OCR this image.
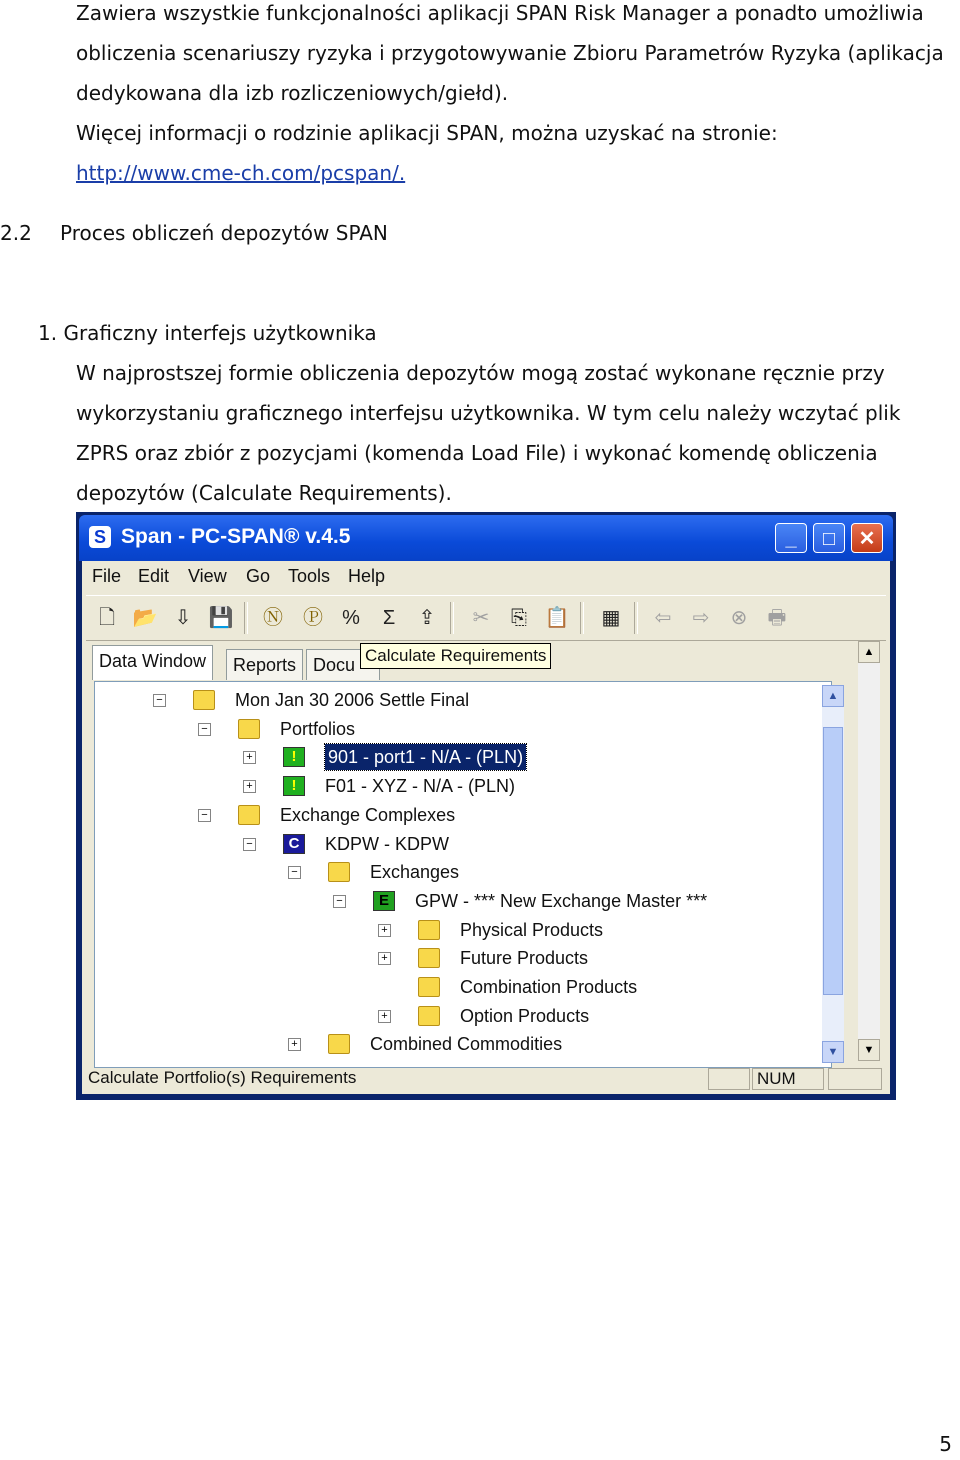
Zawiera wszystkie funkcjonalności aplikacji SPAN Risk Manager a ponadto umożliwia
obliczenia scenariuszy ryzyka i przygotowywanie Zbioru Parametrów Ryzyka (aplikacja
dedykowana dla izb rozliczeniowych/giełd).
Więcej informacji o rodzinie aplikacji SPAN, można uzyskać na stronie:
http://www.cme-ch.com/pcspan/.
2.2 Proces obliczeń depozytów SPAN
1. Graficzny interfejs użytkownika
W najprostszej formie obliczenia depozytów mogą zostać wykonane ręcznie przy
wykorzystaniu graficznego interfejsu użytkownika. W tym celu należy wczytać plik
ZPRS oraz zbiór z pozycjami (komenda Load File) i wykonać komendę obliczenia
depozytów (Calculate Requirements).
S Span - PC-SPAN® v.4.5	_	□	✕
File Edit View Go Tools Help
🗋 📂 ⇩ 💾 Ⓝ Ⓟ %	Σ	⇪	✂	⎘ 📋 ▦	⇦	⇨	⊗	🖶
Data Window	Reports Docu Calculate Requirements
−	Mon Jan 30 2006 Settle Final
−	Portfolios
+	!	901 - port1 - N/A - (PLN)
+	!	F01 - XYZ - N/A - (PLN)
−	Exchange Complexes
−	C	KDPW - KDPW
−	Exchanges
−	E	GPW - *** New Exchange Master ***
+	Physical Products
+	Future Products
Combination Products
+	Option Products
+	Combined Commodities
▲
▼
▲
▼
Calculate Portfolio(s) Requirements	NUM
5
